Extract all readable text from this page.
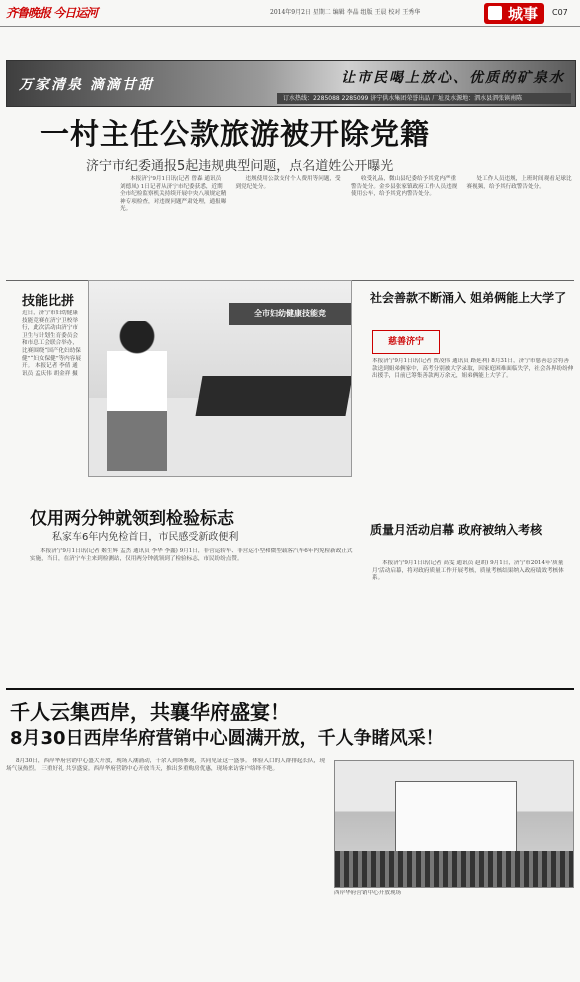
齐鲁晚报 今日运河	2014年9月2日 星期二 编辑 李晶 组版 王晨 校对 王秀华	城事 C07
万家清泉 滴滴甘甜	让市民喝上放心、优质的矿泉水
订水热线：2285088 2285099 济宁供水集团荣誉出品 厂址及水源地：泗水县泗张镇南陈
一村主任公款旅游被开除党籍
济宁市纪委通报5起违规典型问题，点名道姓公开曝光

本报济宁9月1日讯(记者 曾森 通讯员 刘德凤) 1日记者从济宁市纪委获悉，近期全市纪检监察机关持续开展中央八项规定精神专项检查，对违规问题严肃处理，通报曝光。

违规使用公款支付个人费用等问题，受到党纪处分。

收受礼品，微山县纪委给予其党内严重警告处分。金乡县张家镇政府工作人员违规使用公车，给予其党内警告处分。

处工作人员违规，上班时间观看足球比赛视频，给予其行政警告处分。

技能比拼
近日，济宁市妇幼健康技能竞赛在济宁卫校举行，此次活动由济宁市卫生与计划生育委员会和市总工会联合举办，比赛围绕“国产化妇幼保健”“妇女保健”等内容展开。 本报记者 李倩 通讯员 孟庆伟 胡金祥 摄
全市妇幼健康技能竞
社会善款不断涌入 姐弟俩能上大学了
慈善济宁
本报济宁9月1日讯(记者 贾凌伟 通讯员 路延利) 8月31日，济宁市慈善总会将善款送到姐弟俩家中，高考分别被大学录取，因家庭困难面临失学，社会各界纷纷伸出援手，目前已筹集善款两万余元，姐弟俩能上大学了。
仅用两分钟就领到检验标志
私家车6年内免检首日，市民感受新政便利
本报济宁9月1日讯(记者 姬生辉 孟杰 通讯员 李华 李鑫) 9月1日，非营运轿车、非营运小型和微型载客汽车6年内免检新政正式实施，当日，在济宁车主来到检测站，仅用两分钟就领到了检验标志，市民纷纷点赞。
质量月活动启幕 政府被纳入考核
本报济宁9月1日讯(记者 高雯 通讯员 赵胡) 9月1日，济宁市2014年'质量月'活动启幕，将对政府质量工作开展考核，质量考核结果纳入政府绩效考核体系。
千人云集西岸，共襄华府盛宴！
8月30日西岸华府营销中心圆满开放，千人争睹风采！
8月30日，西岸华府营销中心盛大开放，现场人潮涌动，千余人到场参观，共同见证这一盛事。 体验入口的人群排起长队，现场气氛热烈。 三重好礼 共享盛宴。西岸华府营销中心开放当天，推出多重购房优惠，现场来访客户络绎不绝。
西岸华府营销中心开放现场
